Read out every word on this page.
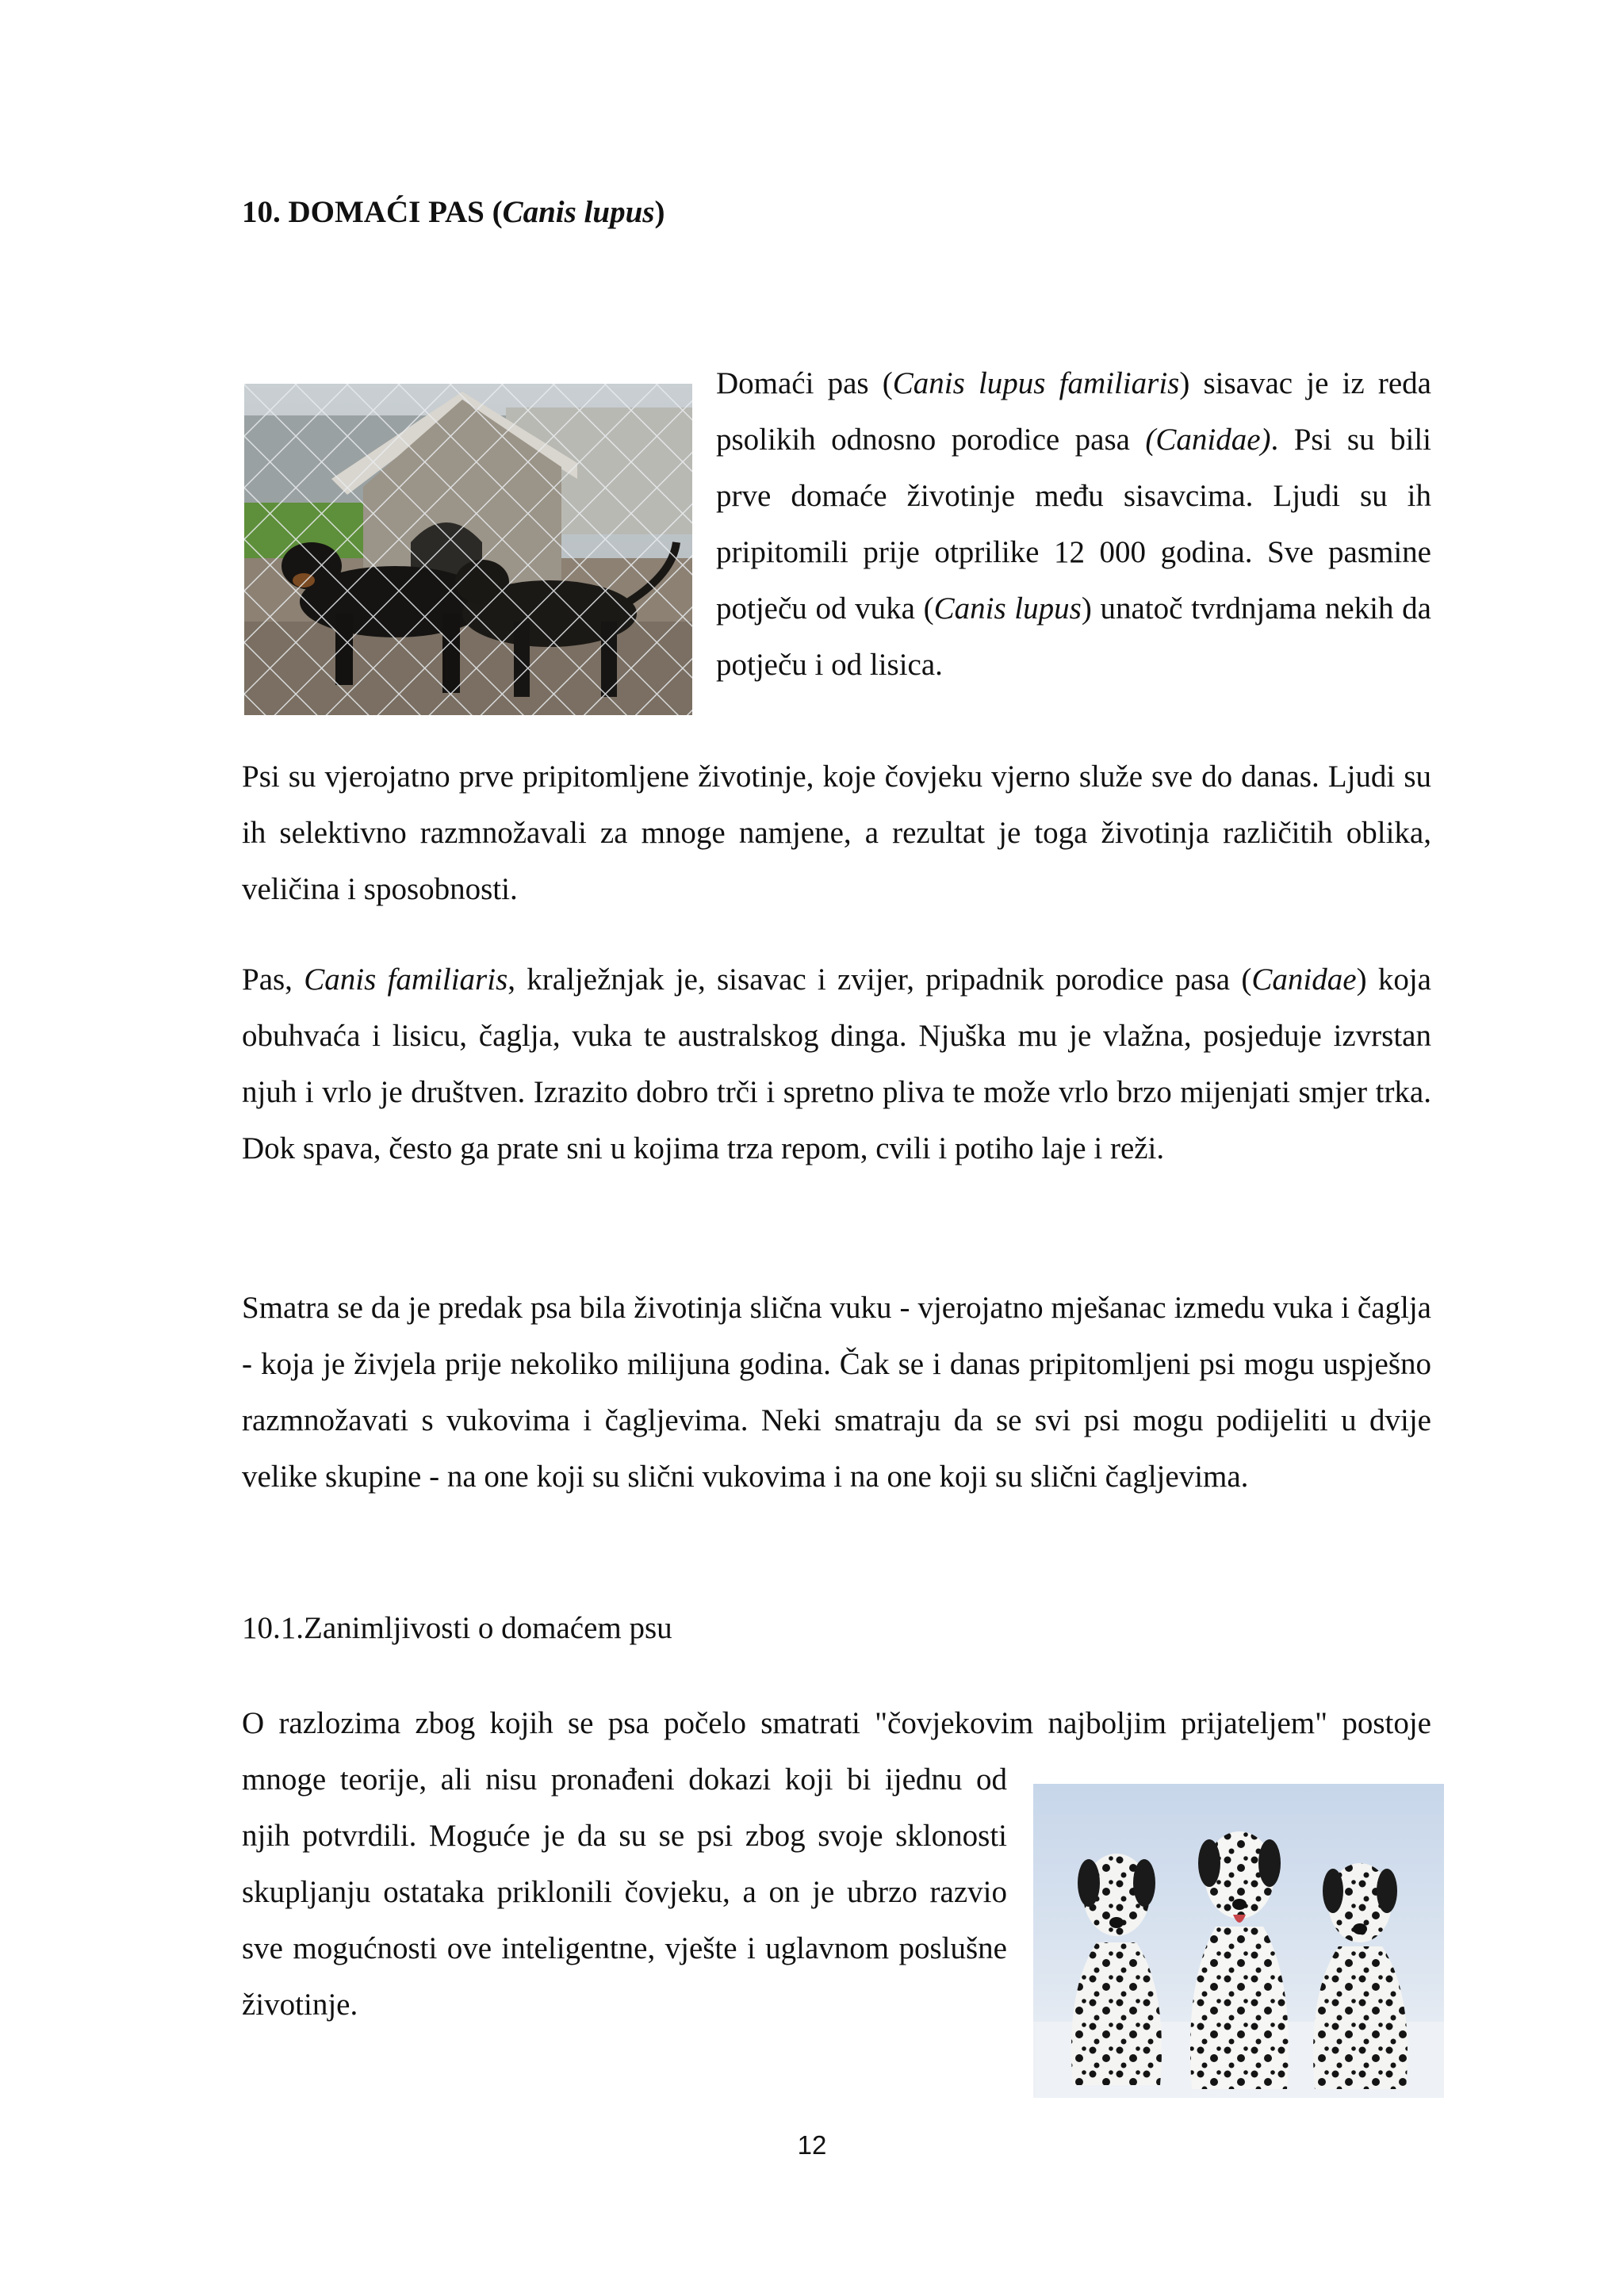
10. DOMAĆI PAS (Canis lupus)

Domaći pas (Canis lupus familiaris) sisavac je iz reda psolikih odnosno porodice pasa (Canidae). Psi su bili prve domaće životinje među sisavcima. Ljudi su ih pripitomili prije otprilike 12 000 godina. Sve pasmine potječu od vuka (Canis lupus) unatoč tvrdnjama nekih da potječu i od lisica.

Psi su vjerojatno prve pripitomljene životinje, koje čovjeku vjerno služe sve do danas. Ljudi su ih selektivno razmnožavali za mnoge namjene, a rezultat je toga životinja različitih oblika, veličina i sposobnosti.

Pas, Canis familiaris, kralježnjak je, sisavac i zvijer, pripadnik porodice pasa (Canidae) koja obuhvaća i lisicu, čaglja, vuka te australskog dinga. Njuška mu je vlažna, posjeduje izvrstan njuh i vrlo je društven. Izrazito dobro trči i spretno pliva te može vrlo brzo mijenjati smjer trka. Dok spava, često ga prate sni u kojima trza repom, cvili i potiho laje i reži.

Smatra se da je predak psa bila životinja slična vuku - vjerojatno mješanac izmedu vuka i čaglja - koja je živjela prije nekoliko milijuna godina. Čak se i danas pripitomljeni psi mogu uspješno razmnožavati s vukovima i čagljevima. Neki smatraju da se svi psi mogu podijeliti u dvije velike skupine - na one koji su slični vukovima i na one koji su slični čagljevima.

10.1.Zanimljivosti o domaćem psu

O razlozima zbog kojih se psa počelo smatrati "čovjekovim najboljim prijateljem" postoje

mnoge teorije, ali nisu pronađeni dokazi koji bi ijednu od njih potvrdili. Moguće je da su se psi zbog svoje sklonosti skupljanju ostataka priklonili čovjeku, a on je ubrzo razvio sve mogućnosti ove inteligentne, vješte i uglavnom poslušne životinje.

12
